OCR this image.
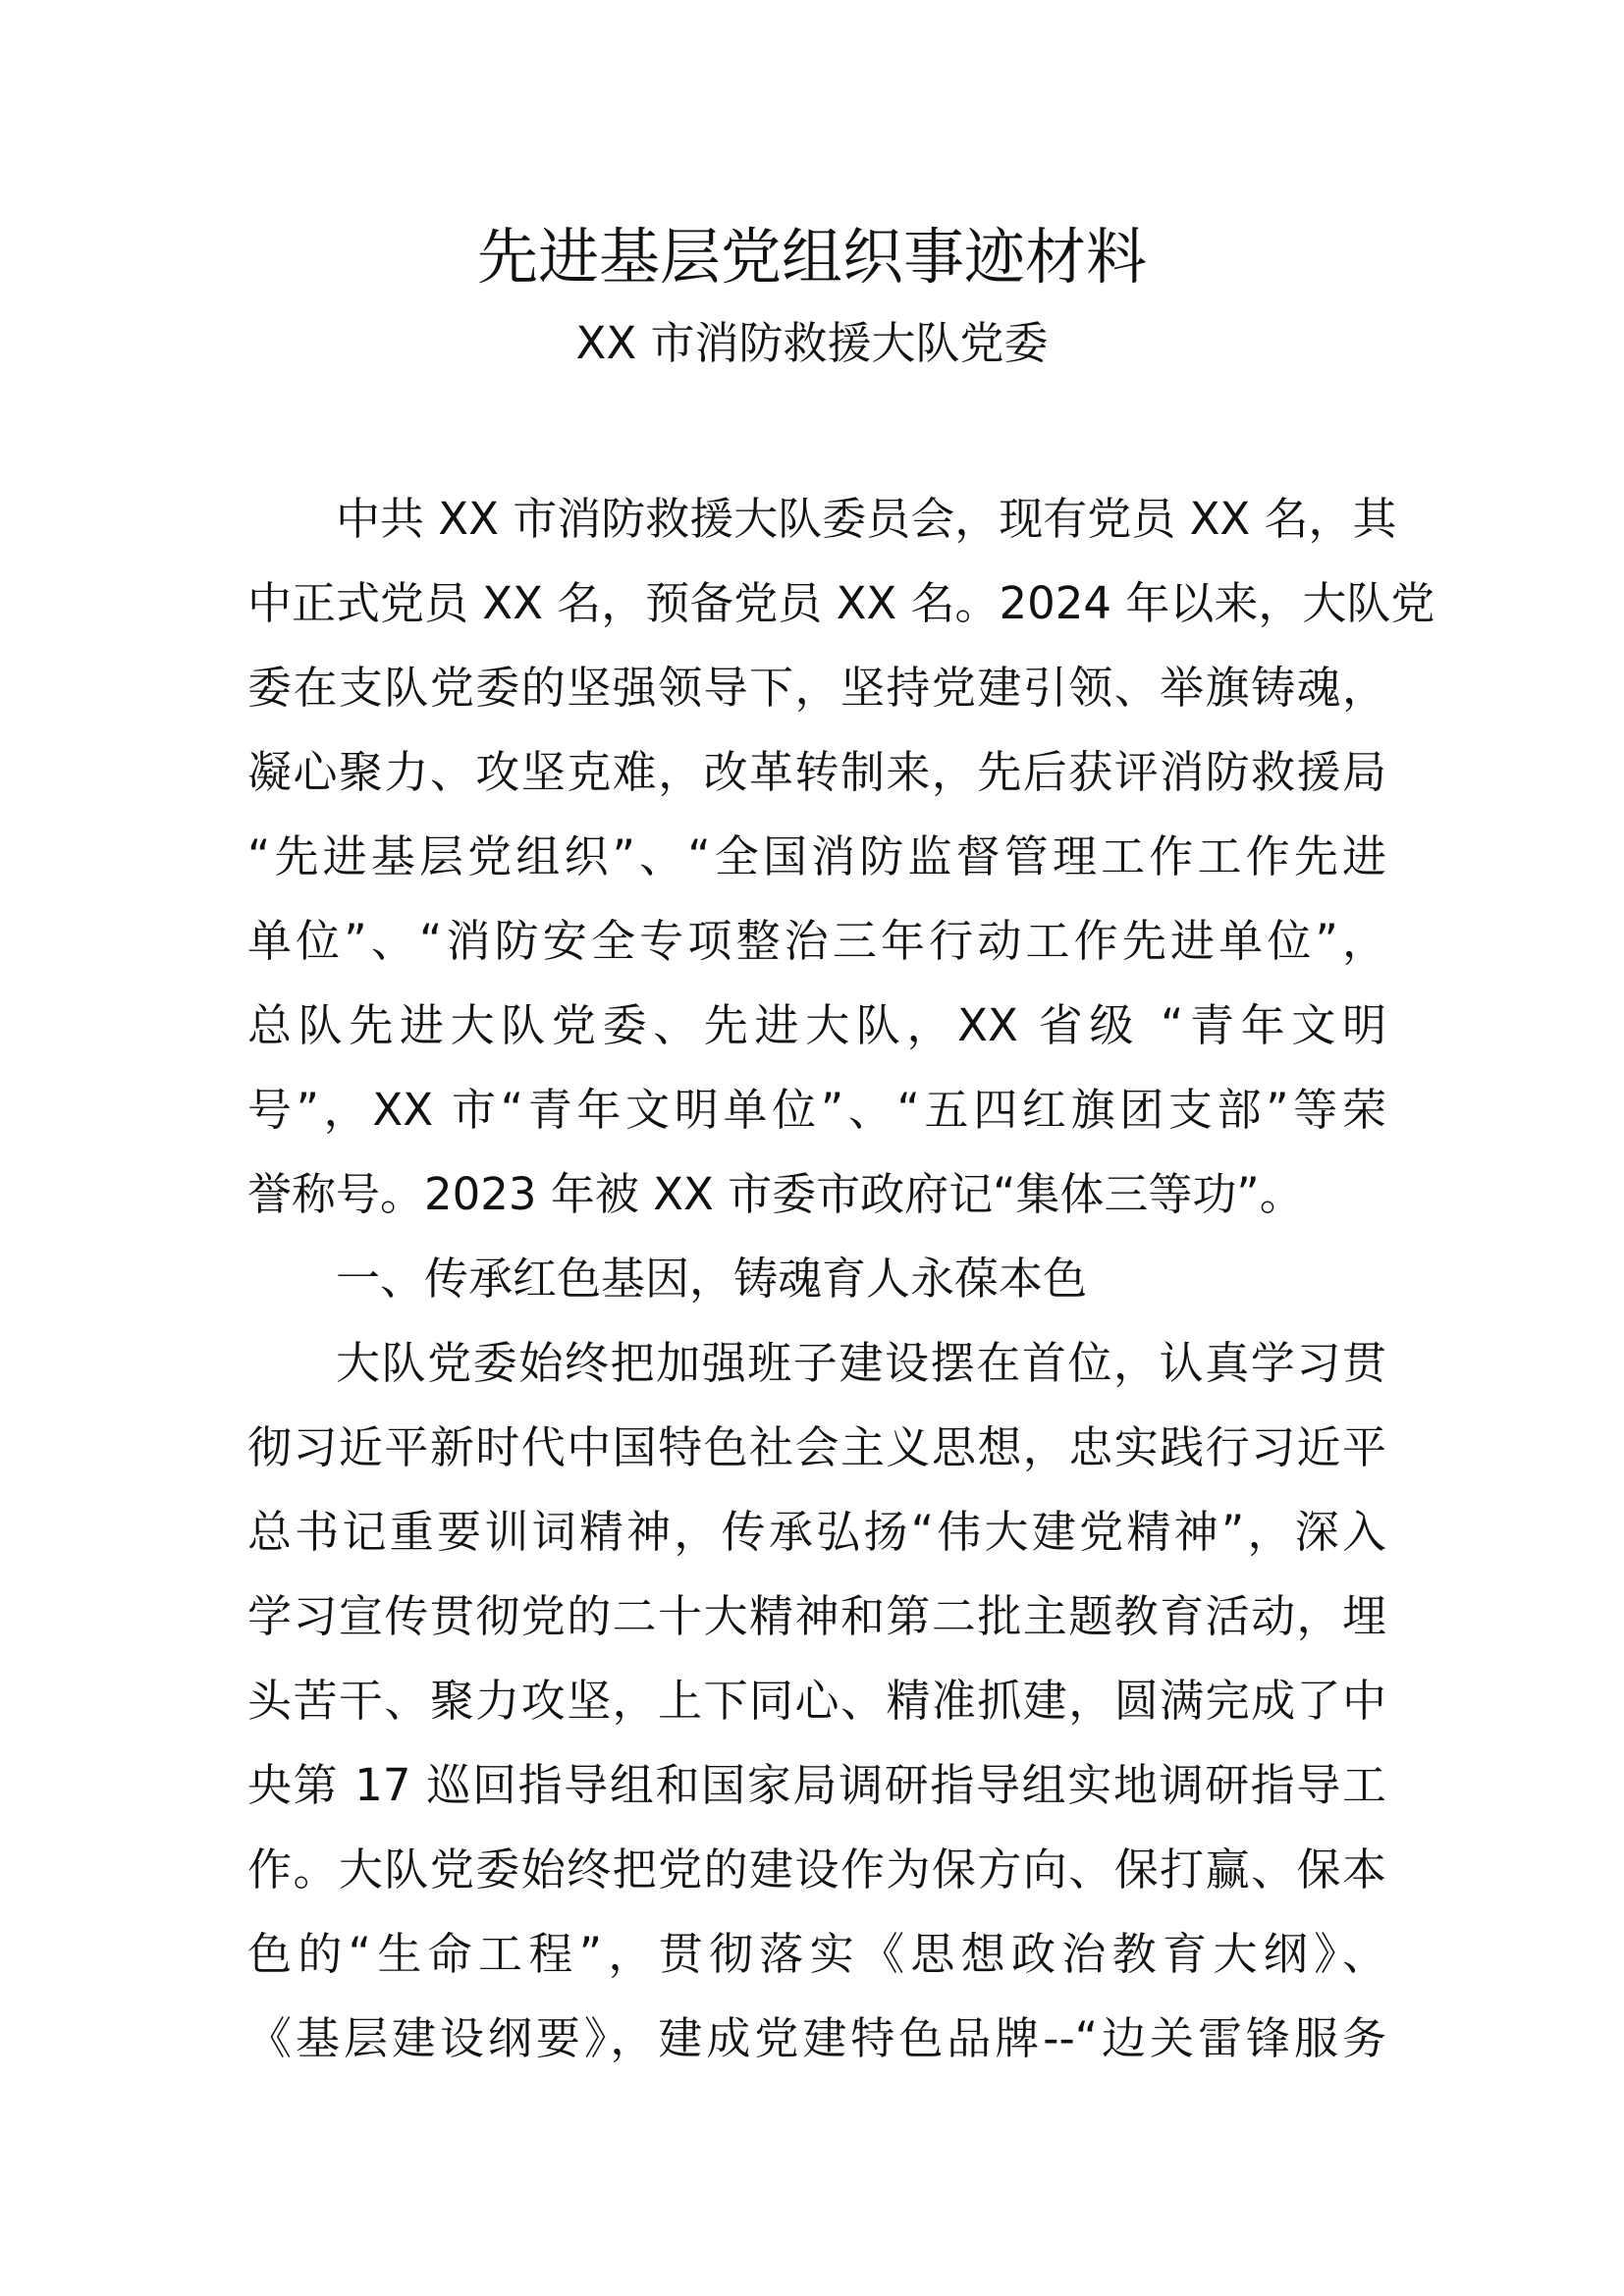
先进基层党组织事迹材料
XX 市消防救援大队党委
中共 XX 市消防救援大队委员会，现有党员 XX 名，其
中正式党员 XX 名，预备党员 XX 名。2024 年以来，大队党
委在支队党委的坚强领导下，坚持党建引领、举旗铸魂，
凝心聚力、攻坚克难，改革转制来，先后获评消防救援局
“先进基层党组织”、“全国消防监督管理工作工作先进
单位”、“消防安全专项整治三年行动工作先进单位”，
总队先进大队党委、先进大队，XX 省级 “青年文明
号”，XX 市“青年文明单位”、“五四红旗团支部”等荣
誉称号。2023 年被 XX 市委市政府记“集体三等功”。
一、传承红色基因，铸魂育人永葆本色
大队党委始终把加强班子建设摆在首位，认真学习贯
彻习近平新时代中国特色社会主义思想，忠实践行习近平
总书记重要训词精神，传承弘扬“伟大建党精神”，深入
学习宣传贯彻党的二十大精神和第二批主题教育活动，埋
头苦干、聚力攻坚，上下同心、精准抓建，圆满完成了中
央第 17 巡回指导组和国家局调研指导组实地调研指导工
作。大队党委始终把党的建设作为保方向、保打赢、保本
色的“生命工程”，贯彻落实《思想政治教育大纲》、
《基层建设纲要》，建成党建特色品牌--“边关雷锋服务
